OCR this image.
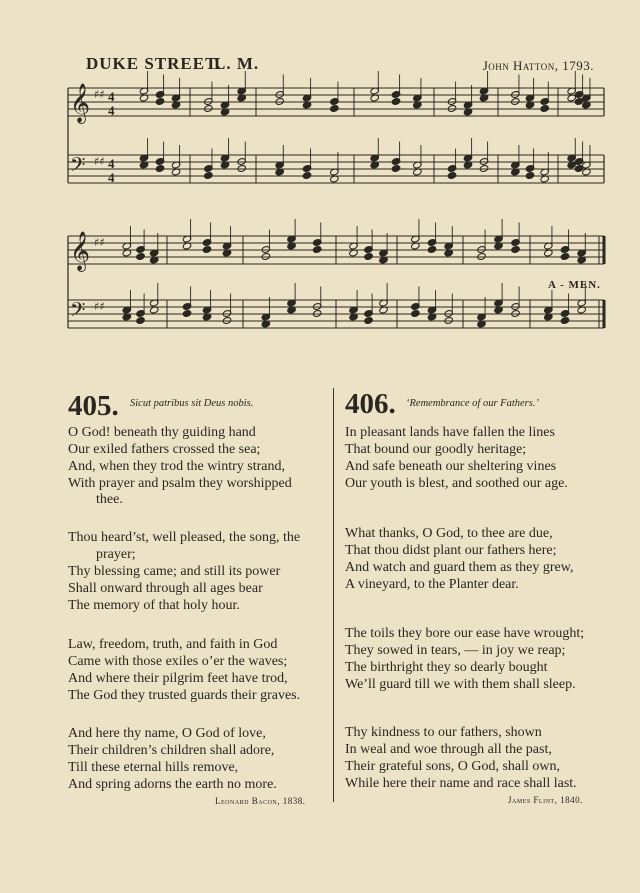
DUKE STREET.
L. M.	John Hatton, 1793.
𝄞 ♯♯ 4
4
𝄢 ♯♯ 4
4
𝄞 ♯♯
𝄢 ♯♯
A - MEN.
405. Sicut patribus sit Deus nobis.
O God! beneath thy guiding hand
Our exiled fathers crossed the sea;
And, when they trod the wintry strand,
With prayer and psalm they worshipped
thee.
Thou heard’st, well pleased, the song, the
prayer;
Thy blessing came; and still its power
Shall onward through all ages bear
The memory of that holy hour.
Law, freedom, truth, and faith in God
Came with those exiles o’er the waves;
And where their pilgrim feet have trod,
The God they trusted guards their graves.
And here thy name, O God of love,
Their children’s children shall adore,
Till these eternal hills remove,
And spring adorns the earth no more.
Leonard Bacon, 1838.
406. ‘Remembrance of our Fathers.’
In pleasant lands have fallen the lines
That bound our goodly heritage;
And safe beneath our sheltering vines
Our youth is blest, and soothed our age.
What thanks, O God, to thee are due,
That thou didst plant our fathers here;
And watch and guard them as they grew,
A vineyard, to the Planter dear.
The toils they bore our ease have wrought;
They sowed in tears, — in joy we reap;
The birthright they so dearly bought
We’ll guard till we with them shall sleep.
Thy kindness to our fathers, shown
In weal and woe through all the past,
Their grateful sons, O God, shall own,
While here their name and race shall last.
James Flint, 1840.
